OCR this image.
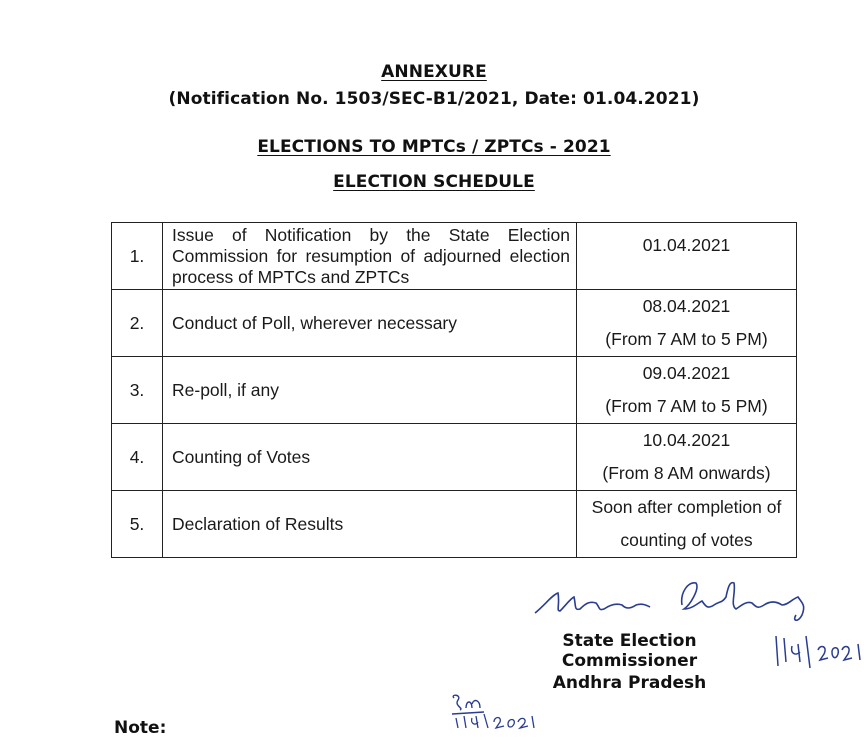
ANNEXURE
(Notification No. 1503/SEC-B1/2021, Date: 01.04.2021)
ELECTIONS TO MPTCs / ZPTCs - 2021
ELECTION SCHEDULE
1.	Issue of Notification by the State Election Commission for resumption of adjourned election process of MPTCs and ZPTCs	01.04.2021

2.	Conduct of Poll, wherever necessary	08.04.2021
(From 7 AM to 5 PM)

3.	Re-poll, if any	09.04.2021
(From 7 AM to 5 PM)

4.	Counting of Votes	10.04.2021
(From 8 AM onwards)

5.	Declaration of Results	Soon after completion of
counting of votes
State Election Commissioner
Andhra Pradesh
Note:
